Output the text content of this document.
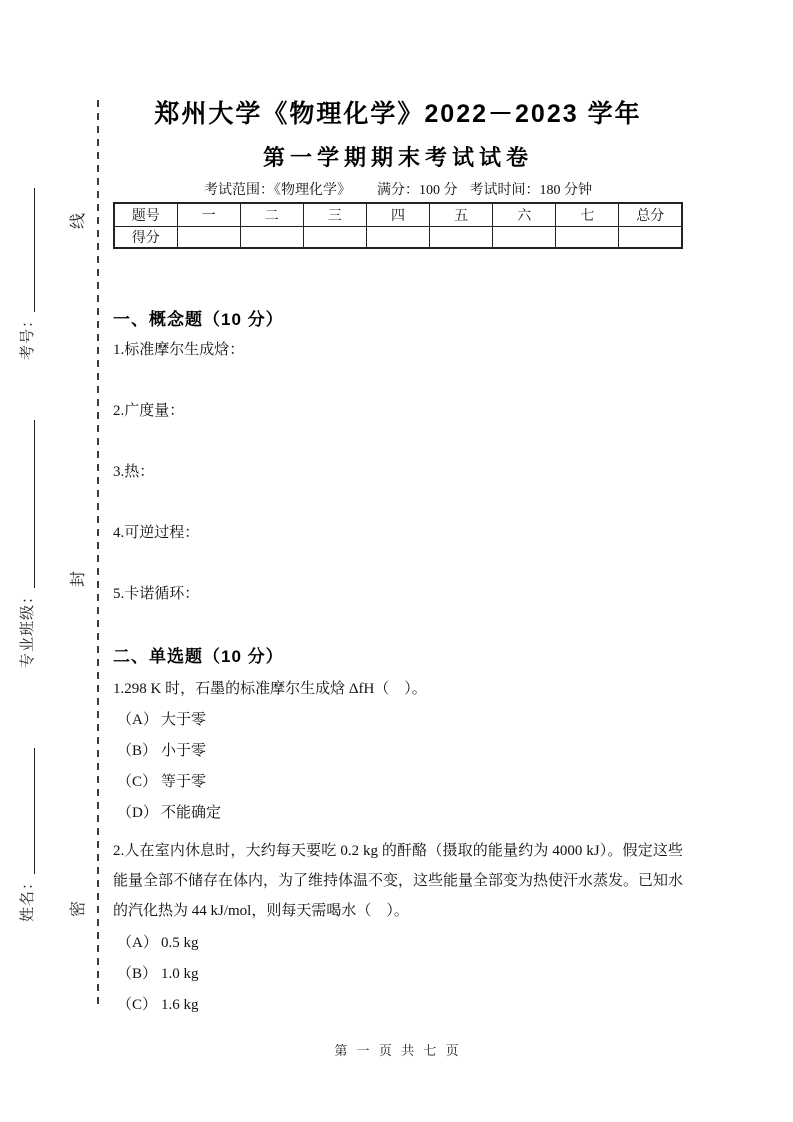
线
封
密
考号：
专业班级：
姓名：
郑州大学《物理化学》2022－2023 学年
第一学期期末考试试卷
考试范围：《物理化学》 满分：100 分 考试时间：180 分钟
题号	一	二	三	四	五	六	七	总分
得分								
一、概念题（10 分）
1.标准摩尔生成焓：
2.广度量：
3.热：
4.可逆过程：
5.卡诺循环：
二、单选题（10 分）

1.298 K 时，石墨的标准摩尔生成焓 ΔfH（　）。

（A） 大于零
（B） 小于零
（C） 等于零
（D） 不能确定

2.人在室内休息时，大约每天要吃 0.2 kg 的酐酪（摄取的能量约为 4000 kJ）。假定这些能量全部不储存在体内，为了维持体温不变，这些能量全部变为热使汗水蒸发。已知水的汽化热为 44 kJ/mol，则每天需喝水（　）。

（A） 0.5 kg
（B） 1.0 kg
（C） 1.6 kg
第 一 页 共 七 页
